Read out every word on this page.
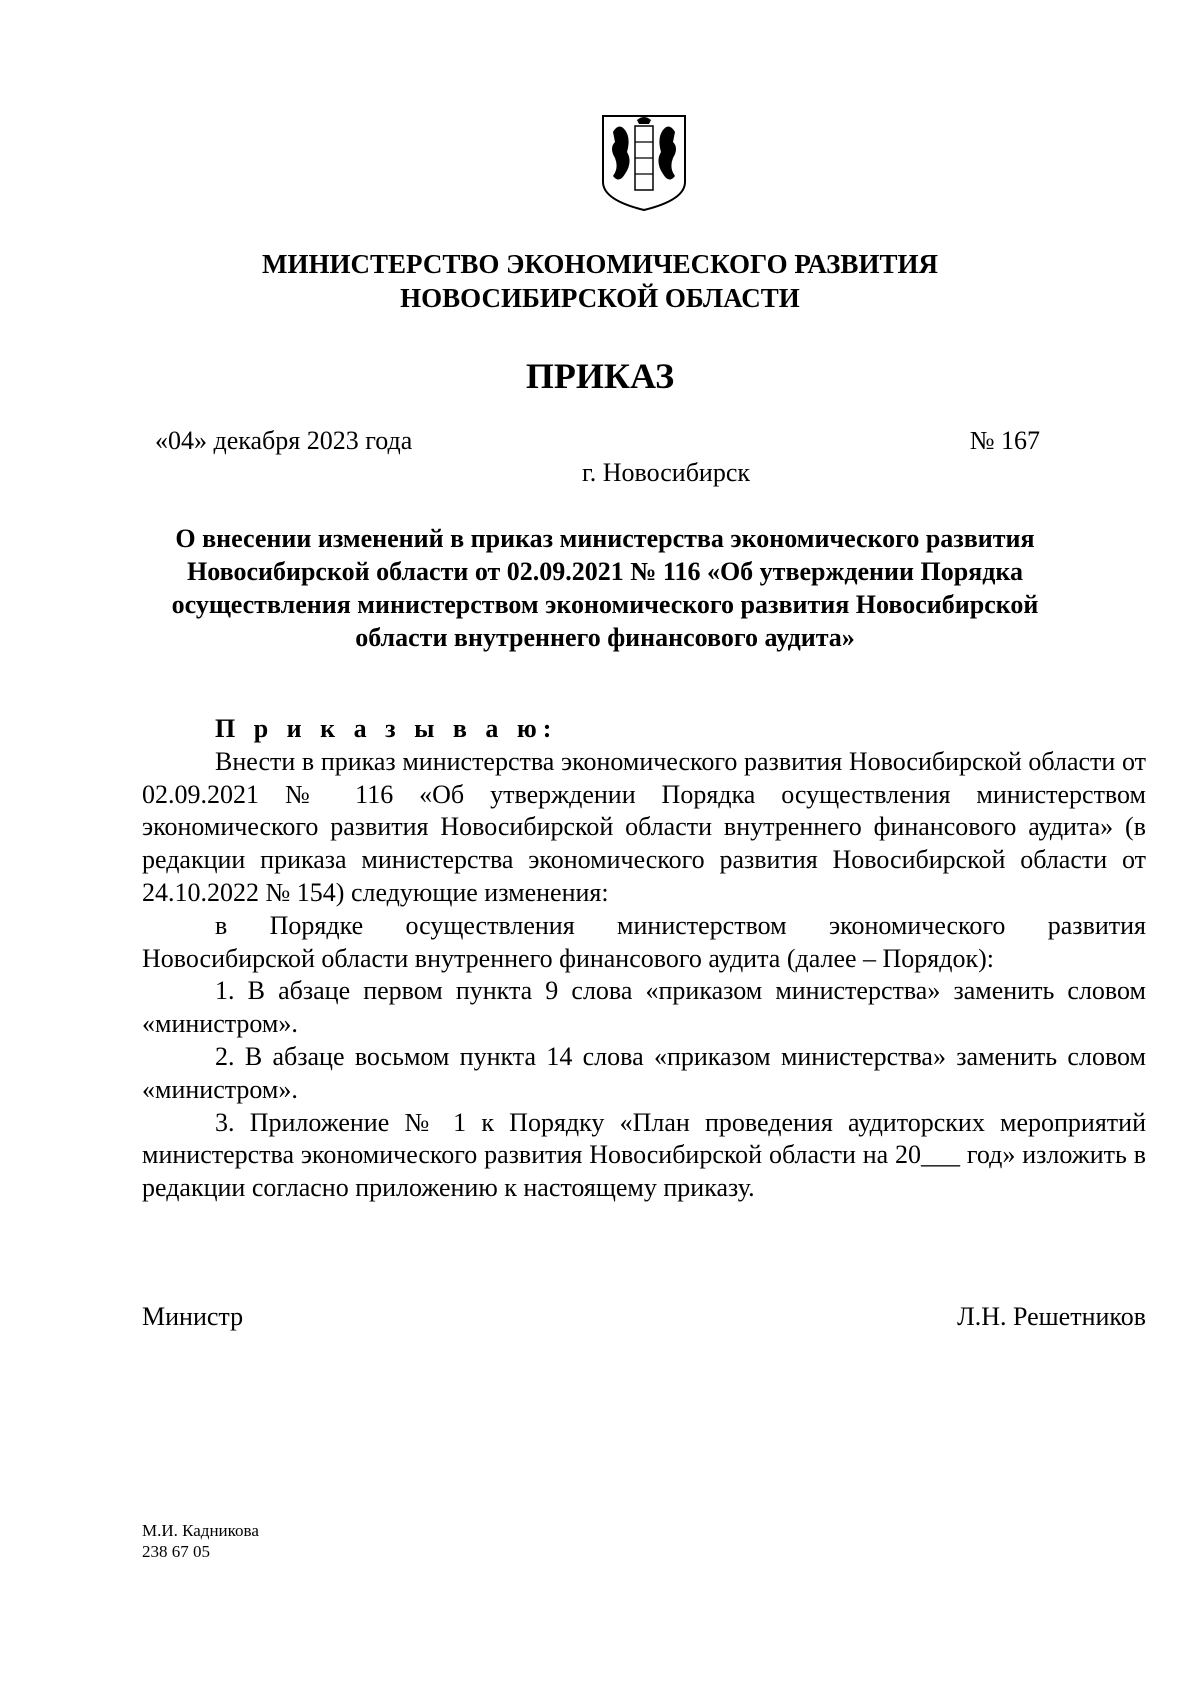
МИНИСТЕРСТВО ЭКОНОМИЧЕСКОГО РАЗВИТИЯ
НОВОСИБИРСКОЙ ОБЛАСТИ
ПРИКАЗ
«04» декабря 2023 года	№ 167
г. Новосибирск
О внесении изменений в приказ министерства экономического развития Новосибирской области от 02.09.2021 № 116 «Об утверждении Порядка осуществления министерством экономического развития Новосибирской области внутреннего финансового аудита»

П р и к а з ы в а ю:

Внести в приказ министерства экономического развития Новосибирской области от 02.09.2021 № 116 «Об утверждении Порядка осуществления министерством экономического развития Новосибирской области внутреннего финансового аудита» (в редакции приказа министерства экономического развития Новосибирской области от 24.10.2022 № 154) следующие изменения:

в Порядке осуществления министерством экономического развития Новосибирской области внутреннего финансового аудита (далее – Порядок):

1. В абзаце первом пункта 9 слова «приказом министерства» заменить словом «министром».

2. В абзаце восьмом пункта 14 слова «приказом министерства» заменить словом «министром».

3. Приложение № 1 к Порядку «План проведения аудиторских мероприятий министерства экономического развития Новосибирской области на 20___ год» изложить в редакции согласно приложению к настоящему приказу.

Министр	Л.Н. Решетников
М.И. Кадникова
238 67 05
